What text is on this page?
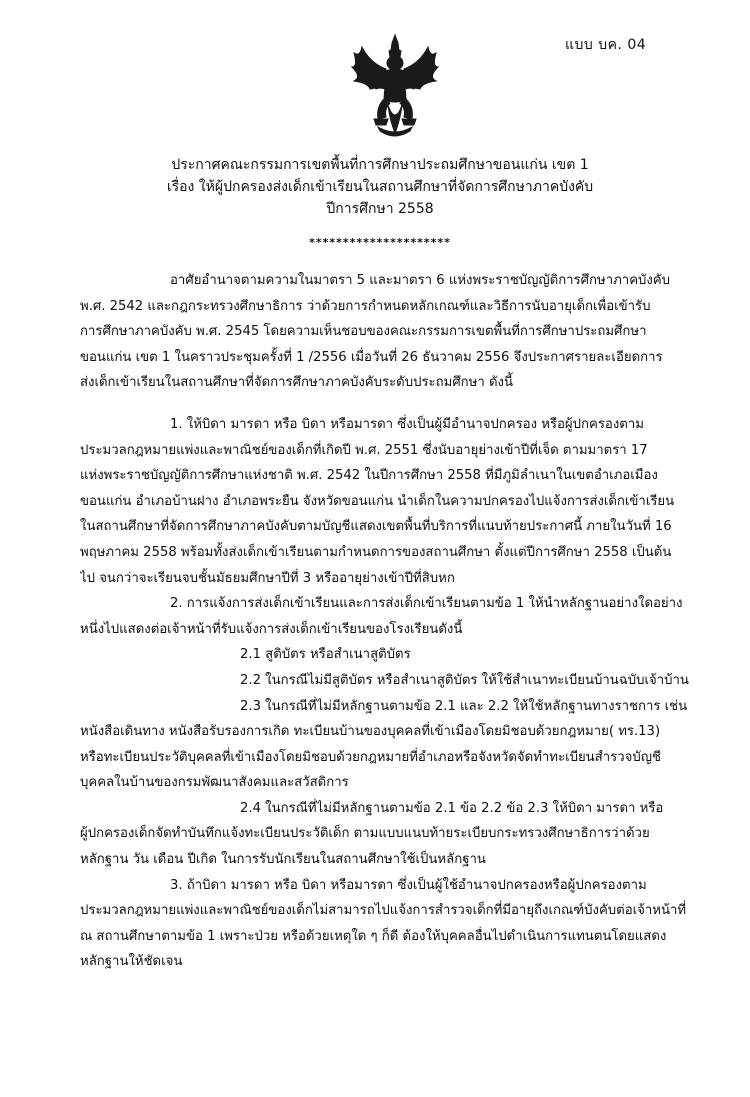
แบบ บค. 04
ประกาศคณะกรรมการเขตพื้นที่การศึกษาประถมศึกษาขอนแก่น เขต 1
เรื่อง ให้ผู้ปกครองส่งเด็กเข้าเรียนในสถานศึกษาที่จัดการศึกษาภาคบังคับ
ปีการศึกษา 2558
*********************
อาศัยอำนาจตามความในมาตรา 5 และมาตรา 6 แห่งพระราชบัญญัติการศึกษาภาคบังคับ
พ.ศ. 2542 และกฎกระทรวงศึกษาธิการ ว่าด้วยการกำหนดหลักเกณฑ์และวิธีการนับอายุเด็กเพื่อเข้ารับ
การศึกษาภาคบังคับ พ.ศ. 2545 โดยความเห็นชอบของคณะกรรมการเขตพื้นที่การศึกษาประถมศึกษา
ขอนแก่น เขต 1 ในคราวประชุมครั้งที่ 1 /2556 เมื่อวันที่ 26 ธันวาคม 2556 จึงประกาศรายละเอียดการ
ส่งเด็กเข้าเรียนในสถานศึกษาที่จัดการศึกษาภาคบังคับระดับประถมศึกษา ดังนี้
1. ให้บิดา มารดา หรือ บิดา หรือมารดา ซึ่งเป็นผู้มีอำนาจปกครอง หรือผู้ปกครองตาม
ประมวลกฎหมายแพ่งและพาณิชย์ของเด็กที่เกิดปี พ.ศ. 2551 ซึ่งนับอายุย่างเข้าปีที่เจ็ด ตามมาตรา 17
แห่งพระราชบัญญัติการศึกษาแห่งชาติ พ.ศ. 2542 ในปีการศึกษา 2558 ที่มีภูมิลำเนาในเขตอำเภอเมือง
ขอนแก่น อำเภอบ้านฝาง อำเภอพระยืน จังหวัดขอนแก่น นำเด็กในความปกครองไปแจ้งการส่งเด็กเข้าเรียน
ในสถานศึกษาที่จัดการศึกษาภาคบังคับตามบัญชีแสดงเขตพื้นที่บริการที่แนบท้ายประกาศนี้ ภายในวันที่ 16
พฤษภาคม 2558 พร้อมทั้งส่งเด็กเข้าเรียนตามกำหนดการของสถานศึกษา ตั้งแต่ปีการศึกษา 2558 เป็นต้น
ไป จนกว่าจะเรียนจบชั้นมัธยมศึกษาปีที่ 3 หรืออายุย่างเข้าปีที่สิบหก
2. การแจ้งการส่งเด็กเข้าเรียนและการส่งเด็กเข้าเรียนตามข้อ 1 ให้นำหลักฐานอย่างใดอย่าง
หนึ่งไปแสดงต่อเจ้าหน้าที่รับแจ้งการส่งเด็กเข้าเรียนของโรงเรียนดังนี้
2.1 สูติบัตร หรือสำเนาสูติบัตร
2.2 ในกรณีไม่มีสูติบัตร หรือสำเนาสูติบัตร ให้ใช้สำเนาทะเบียนบ้านฉบับเจ้าบ้าน
2.3 ในกรณีที่ไม่มีหลักฐานตามข้อ 2.1 และ 2.2 ให้ใช้หลักฐานทางราชการ เช่น
หนังสือเดินทาง หนังสือรับรองการเกิด ทะเบียนบ้านของบุคคลที่เข้าเมืองโดยมิชอบด้วยกฎหมาย( ทร.13)
หรือทะเบียนประวัติบุคคลที่เข้าเมืองโดยมิชอบด้วยกฎหมายที่อำเภอหรือจังหวัดจัดทำทะเบียนสำรวจบัญชี
บุคคลในบ้านของกรมพัฒนาสังคมและสวัสดิการ
2.4 ในกรณีที่ไม่มีหลักฐานตามข้อ 2.1 ข้อ 2.2 ข้อ 2.3 ให้บิดา มารดา หรือ
ผู้ปกครองเด็กจัดทำบันทึกแจ้งทะเบียนประวัติเด็ก ตามแบบแนบท้ายระเบียบกระทรวงศึกษาธิการว่าด้วย
หลักฐาน วัน เดือน ปีเกิด ในการรับนักเรียนในสถานศึกษาใช้เป็นหลักฐาน
3. ถ้าบิดา มารดา หรือ บิดา หรือมารดา ซึ่งเป็นผู้ใช้อำนาจปกครองหรือผู้ปกครองตาม
ประมวลกฎหมายแพ่งและพาณิชย์ของเด็กไม่สามารถไปแจ้งการสำรวจเด็กที่มีอายุถึงเกณฑ์บังคับต่อเจ้าหน้าที่
ณ สถานศึกษาตามข้อ 1 เพราะป่วย หรือด้วยเหตุใด ๆ ก็ดี ต้องให้บุคคลอื่นไปดำเนินการแทนตนโดยแสดง
หลักฐานให้ชัดเจน
